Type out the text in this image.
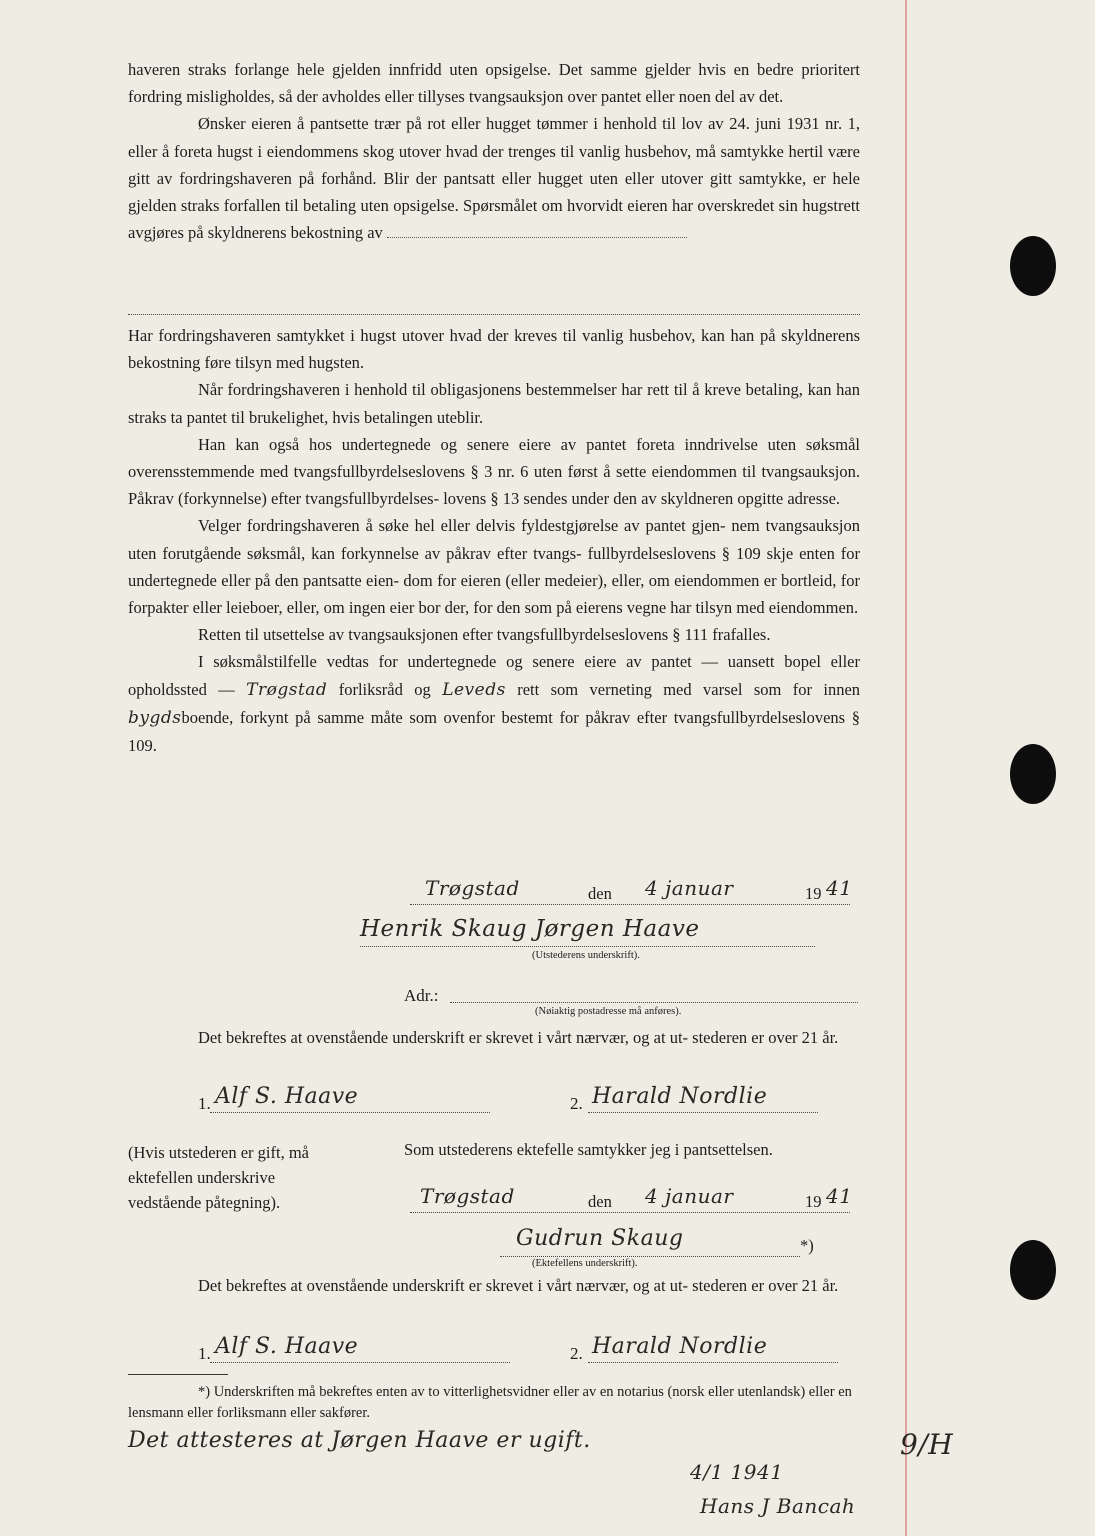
haveren straks forlange hele gjelden innfridd uten opsigelse. Det samme gjelder hvis en bedre prioritert fordring misligholdes, så der avholdes eller tillyses tvangsauksjon over pantet eller noen del av det.

Ønsker eieren å pantsette trær på rot eller hugget tømmer i henhold til lov av 24. juni 1931 nr. 1, eller å foreta hugst i eiendommens skog utover hvad der trenges til vanlig husbehov, må samtykke hertil være gitt av fordringshaveren på forhånd. Blir der pantsatt eller hugget uten eller utover gitt samtykke, er hele gjelden straks forfallen til betaling uten opsigelse. Spørsmålet om hvorvidt eieren har overskredet sin hugstrett avgjøres på skyldnerens bekostning av

Har fordringshaveren samtykket i hugst utover hvad der kreves til vanlig husbehov, kan han på skyldnerens bekostning føre tilsyn med hugsten.

Når fordringshaveren i henhold til obligasjonens bestemmelser har rett til å kreve betaling, kan han straks ta pantet til brukelighet, hvis betalingen uteblir.

Han kan også hos undertegnede og senere eiere av pantet foreta inndrivelse uten søksmål overensstemmende med tvangsfullbyrdelseslovens § 3 nr. 6 uten først å sette eiendommen til tvangsauksjon. Påkrav (forkynnelse) efter tvangsfullbyrdelses- lovens § 13 sendes under den av skyldneren opgitte adresse.

Velger fordringshaveren å søke hel eller delvis fyldestgjørelse av pantet gjen- nem tvangsauksjon uten forutgående søksmål, kan forkynnelse av påkrav efter tvangs- fullbyrdelseslovens § 109 skje enten for undertegnede eller på den pantsatte eien- dom for eieren (eller medeier), eller, om eiendommen er bortleid, for forpakter eller leieboer, eller, om ingen eier bor der, for den som på eierens vegne har tilsyn med eiendommen.

Retten til utsettelse av tvangsauksjonen efter tvangsfullbyrdelseslovens § 111 frafalles.

I søksmålstilfelle vedtas for undertegnede og senere eiere av pantet — uansett bopel eller opholdssted — Trøgstad forliksråd og Leveds rett som verneting med varsel som for innen bygdsboende, forkynt på samme måte som ovenfor bestemt for påkrav efter tvangsfullbyrdelseslovens § 109.

Trøgstad	den 4 januar	19 41
Henrik Skaug Jørgen Haave
(Utstederens underskrift).
Adr.:
(Nøiaktig postadresse må anføres).
Det bekreftes at ovenstående underskrift er skrevet i vårt nærvær, og at ut- stederen er over 21 år.
1. Alf S. Haave	2. Harald Nordlie
(Hvis utstederen er gift, må ektefellen underskrive vedstående påtegning).
Som utstederens ektefelle samtykker jeg i pantsettelsen.
Trøgstad	den 4 januar	19 41
Gudrun Skaug	*)
(Ektefellens underskrift).
Det bekreftes at ovenstående underskrift er skrevet i vårt nærvær, og at ut- stederen er over 21 år.
1. Alf S. Haave	2. Harald Nordlie
*) Underskriften må bekreftes enten av to vitterlighetsvidner eller av en notarius (norsk eller utenlandsk) eller en lensmann eller forliksmann eller sakfører.
Det attesteres at Jørgen Haave er ugift.
4/1 1941
Hans J Bancah
9/H
